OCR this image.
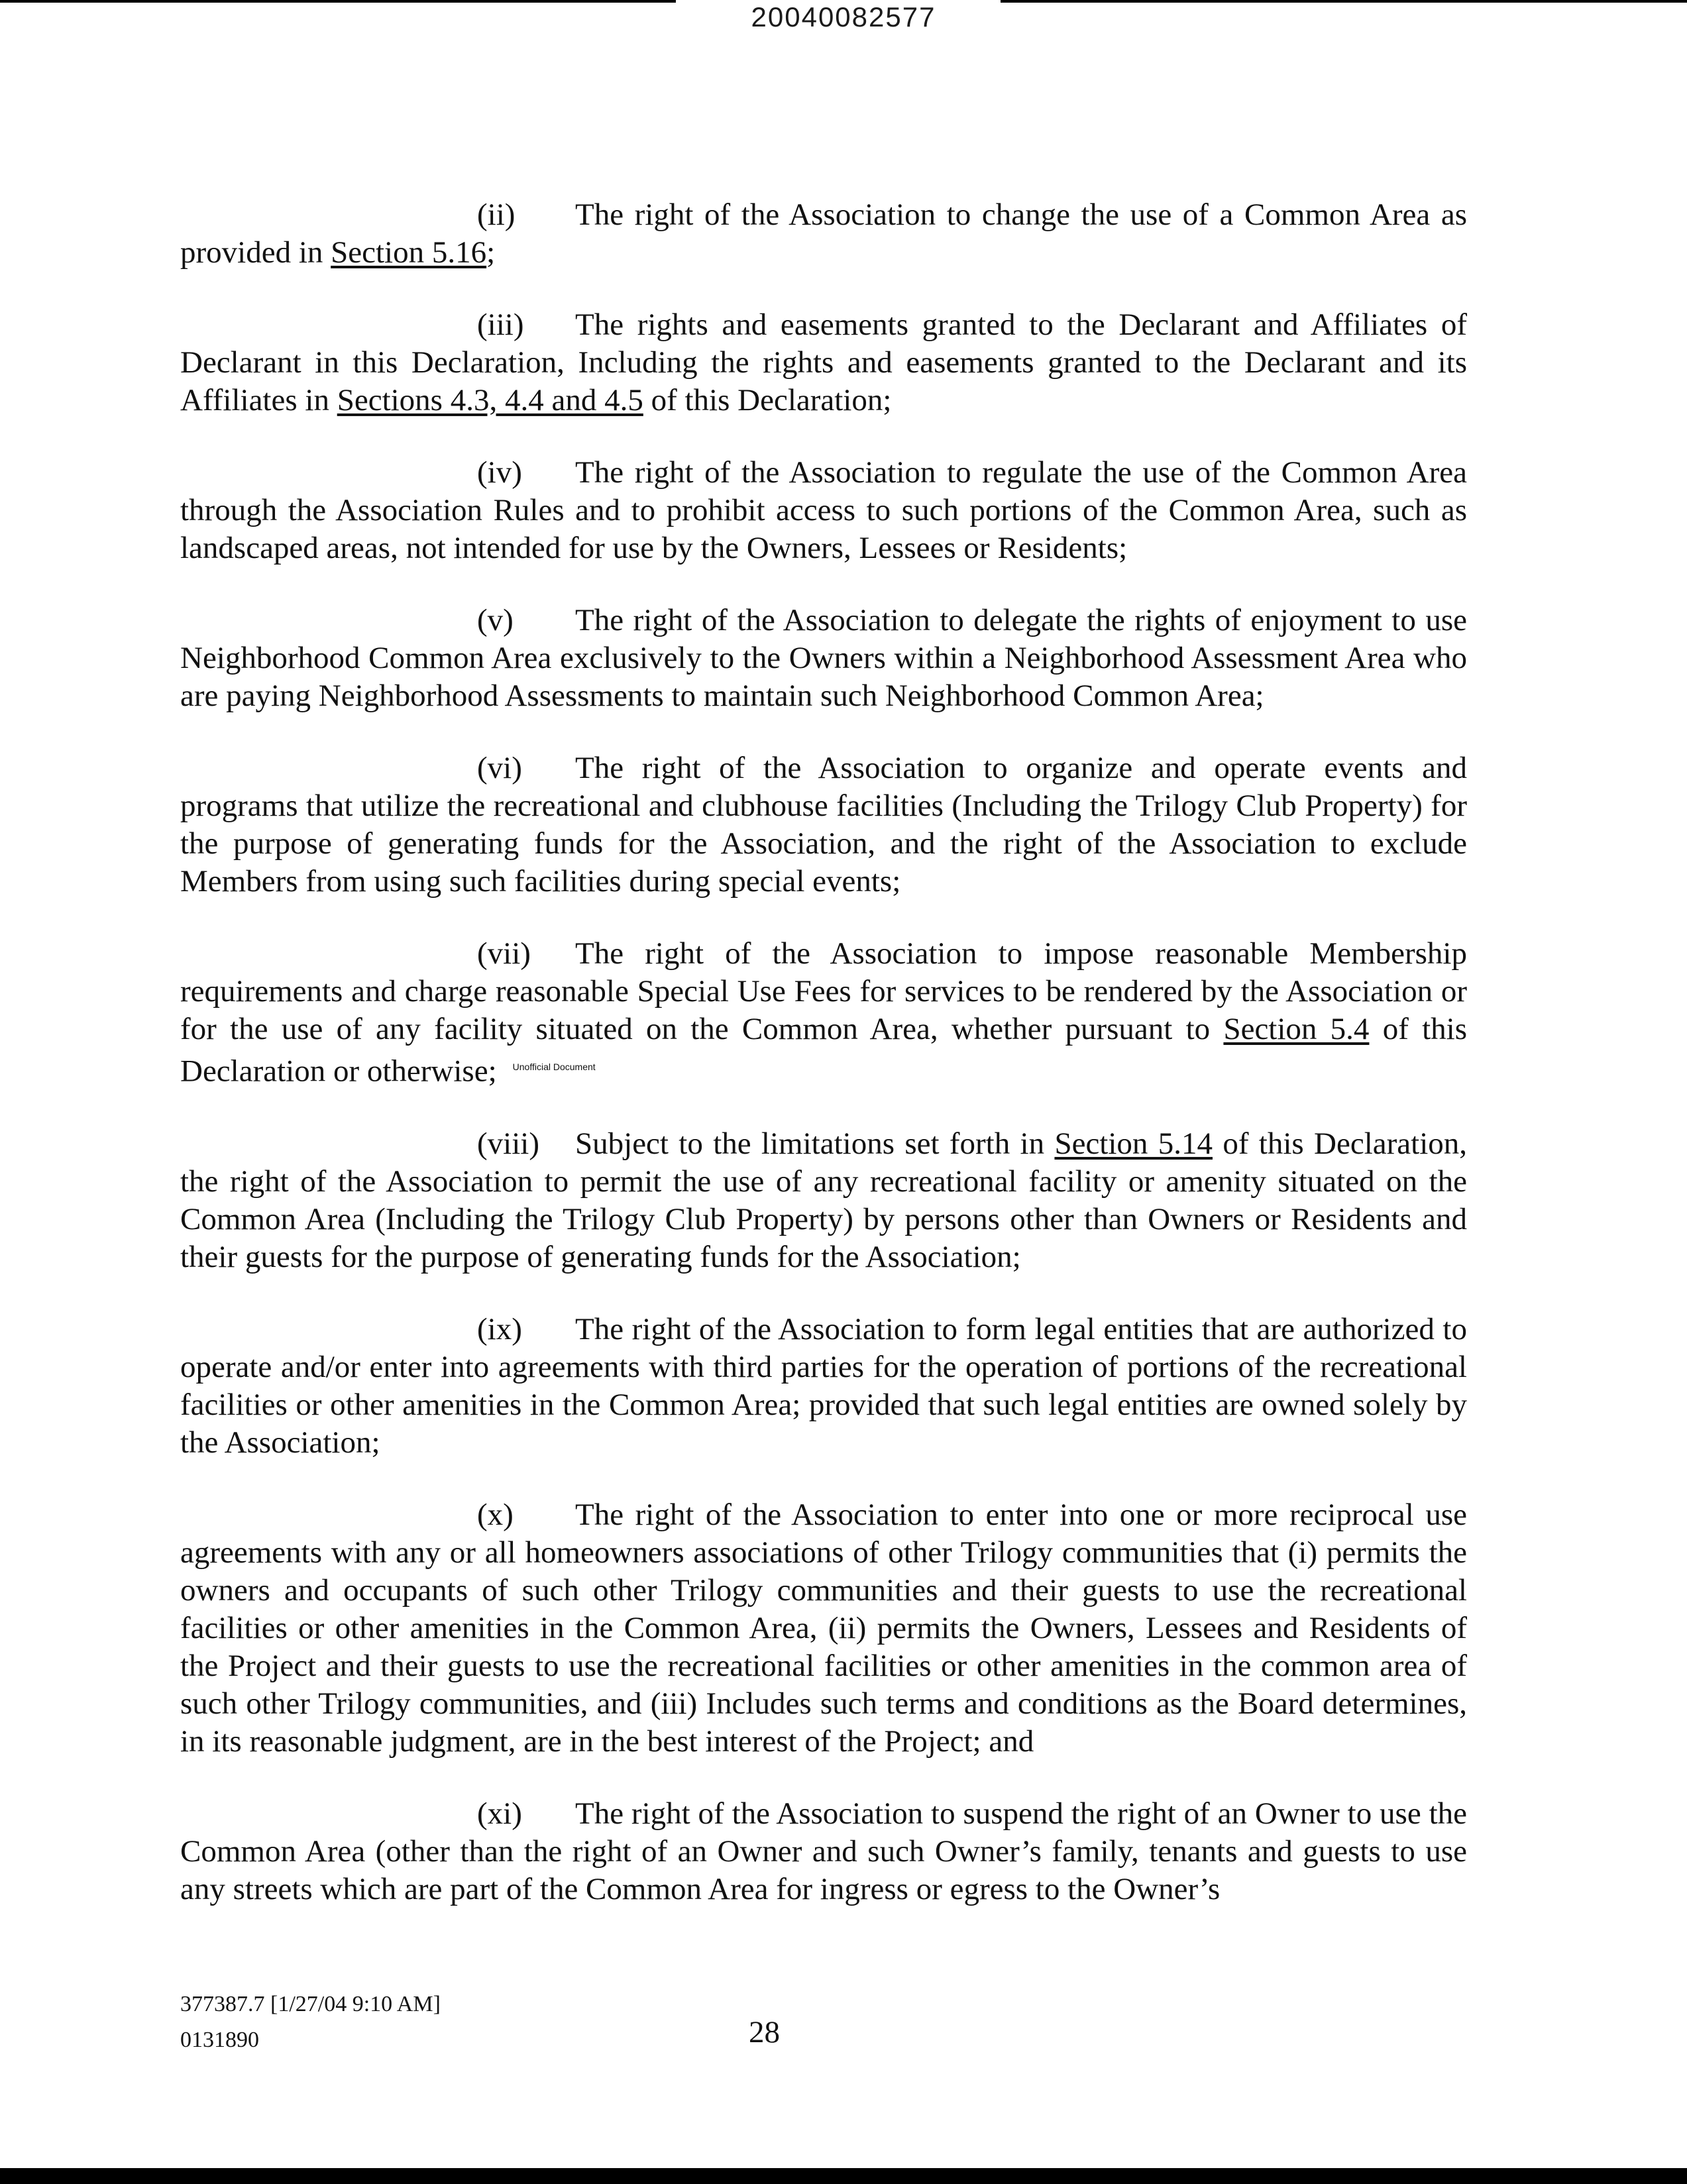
20040082577

(ii) The right of the Association to change the use of a Common Area as provided in Section 5.16;

(iii) The rights and easements granted to the Declarant and Affiliates of Declarant in this Declaration, Including the rights and easements granted to the Declarant and its Affiliates in Sections 4.3, 4.4 and 4.5 of this Declaration;

(iv) The right of the Association to regulate the use of the Common Area through the Association Rules and to prohibit access to such portions of the Common Area, such as landscaped areas, not intended for use by the Owners, Lessees or Residents;

(v) The right of the Association to delegate the rights of enjoyment to use Neighborhood Common Area exclusively to the Owners within a Neighborhood Assessment Area who are paying Neighborhood Assessments to maintain such Neighborhood Common Area;

(vi) The right of the Association to organize and operate events and programs that utilize the recreational and clubhouse facilities (Including the Trilogy Club Property) for the purpose of generating funds for the Association, and the right of the Association to exclude Members from using such facilities during special events;

(vii) The right of the Association to impose reasonable Membership requirements and charge reasonable Special Use Fees for services to be rendered by the Association or for the use of any facility situated on the Common Area, whether pursuant to Section 5.4 of this Declaration or otherwise; $^{Unofficial Document}$

(viii) Subject to the limitations set forth in Section 5.14 of this Declaration, the right of the Association to permit the use of any recreational facility or amenity situated on the Common Area (Including the Trilogy Club Property) by persons other than Owners or Residents and their guests for the purpose of generating funds for the Association;

(ix) The right of the Association to form legal entities that are authorized to operate and/or enter into agreements with third parties for the operation of portions of the recreational facilities or other amenities in the Common Area; provided that such legal entities are owned solely by the Association;

(x) The right of the Association to enter into one or more reciprocal use agreements with any or all homeowners associations of other Trilogy communities that (i) permits the owners and occupants of such other Trilogy communities and their guests to use the recreational facilities or other amenities in the Common Area, (ii) permits the Owners, Lessees and Residents of the Project and their guests to use the recreational facilities or other amenities in the common area of such other Trilogy communities, and (iii) Includes such terms and conditions as the Board determines, in its reasonable judgment, are in the best interest of the Project; and

(xi) The right of the Association to suspend the right of an Owner to use the Common Area (other than the right of an Owner and such Owner’s family, tenants and guests to use any streets which are part of the Common Area for ingress or egress to the Owner’s

377387.7 [1/27/04 9:10 AM]
0131890	28
